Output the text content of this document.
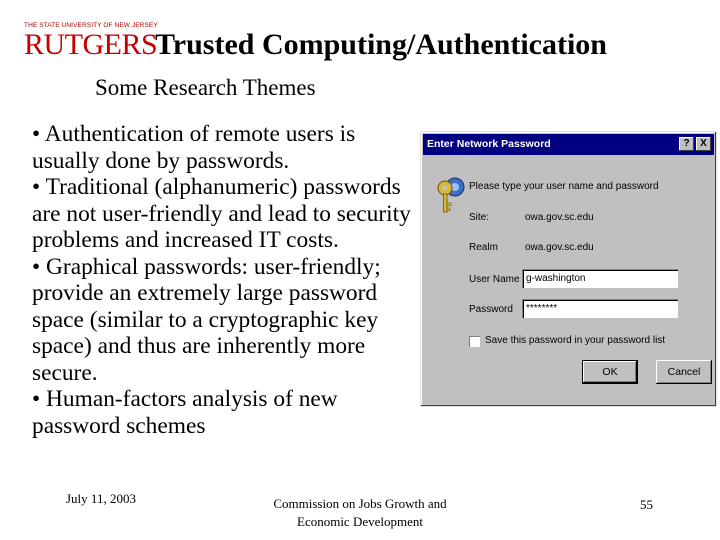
THE STATE UNIVERSITY OF NEW JERSEY
RUTGERS
Trusted Computing/Authentication
Some Research Themes

• Authentication of remote users is usually done by passwords.

• Traditional (alphanumeric) passwords are not user-friendly and lead to security problems and increased IT costs.

• Graphical passwords: user-friendly; provide an extremely large password space (similar to a cryptographic key space) and thus are inherently more secure.

• Human-factors analysis of new password schemes

Enter Network Password	?	X
Please type your user name and password
Site:	owa.gov.sc.edu
Realm	owa.gov.sc.edu
User Name g-washington
Password	********
Save this password in your password list
OK	Cancel
July 11, 2003	Commission on Jobs Growth and Economic Development
55
